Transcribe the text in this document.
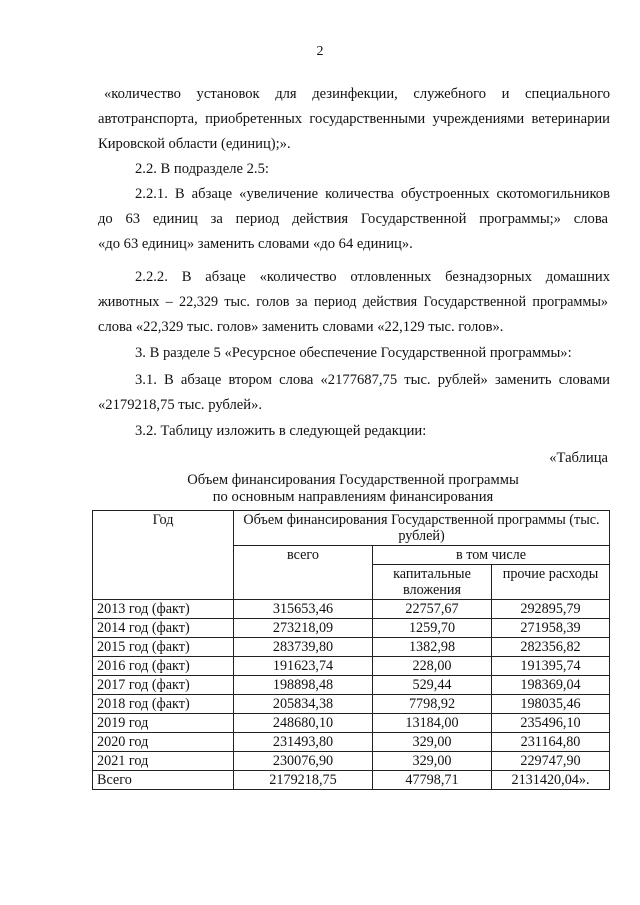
2
«количество установок для дезинфекции, служебного и специального
автотранспорта, приобретенных государственными учреждениями ветеринарии
Кировской области (единиц);».
2.2. В подразделе 2.5:
2.2.1. В абзаце «увеличение количества обустроенных скотомогильников
до 63 единиц за период действия Государственной программы;» слова
«до 63 единиц» заменить словами «до 64 единиц».
2.2.2. В абзаце «количество отловленных безнадзорных домашних
животных – 22,329 тыс. голов за период действия Государственной программы»
слова «22,329 тыс. голов» заменить словами «22,129 тыс. голов».
3. В разделе 5 «Ресурсное обеспечение Государственной программы»:
3.1. В абзаце втором слова «2177687,75 тыс. рублей» заменить словами
«2179218,75 тыс. рублей».
3.2. Таблицу изложить в следующей редакции:
«Таблица
Объем финансирования Государственной программы
по основным направлениям финансирования
Год	Объем финансирования Государственной программы (тыс. рублей)		
	всего	в том числе	
		капитальные вложения	прочие расходы
2013 год (факт)	315653,46	22757,67	292895,79
2014 год (факт)	273218,09	1259,70	271958,39
2015 год (факт)	283739,80	1382,98	282356,82
2016 год (факт)	191623,74	228,00	191395,74
2017 год (факт)	198898,48	529,44	198369,04
2018 год (факт)	205834,38	7798,92	198035,46
2019 год	248680,10	13184,00	235496,10
2020 год	231493,80	329,00	231164,80
2021 год	230076,90	329,00	229747,90
Всего	2179218,75	47798,71	2131420,04».
